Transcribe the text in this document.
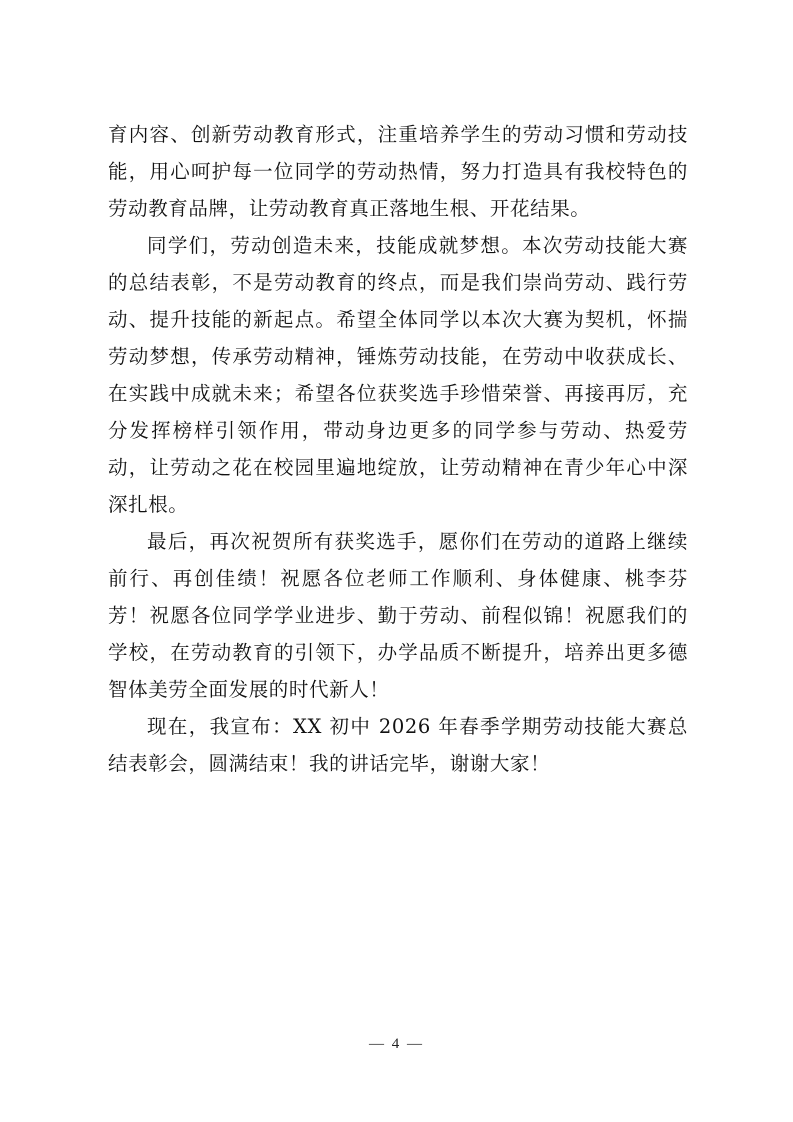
育内容、创新劳动教育形式，注重培养学生的劳动习惯和劳动技能，用心呵护每一位同学的劳动热情，努力打造具有我校特色的劳动教育品牌，让劳动教育真正落地生根、开花结果。

同学们，劳动创造未来，技能成就梦想。本次劳动技能大赛的总结表彰，不是劳动教育的终点，而是我们崇尚劳动、践行劳动、提升技能的新起点。希望全体同学以本次大赛为契机，怀揣劳动梦想，传承劳动精神，锤炼劳动技能，在劳动中收获成长、在实践中成就未来；希望各位获奖选手珍惜荣誉、再接再厉，充分发挥榜样引领作用，带动身边更多的同学参与劳动、热爱劳动，让劳动之花在校园里遍地绽放，让劳动精神在青少年心中深深扎根。

最后，再次祝贺所有获奖选手，愿你们在劳动的道路上继续前行、再创佳绩！祝愿各位老师工作顺利、身体健康、桃李芬芳！祝愿各位同学学业进步、勤于劳动、前程似锦！祝愿我们的学校，在劳动教育的引领下，办学品质不断提升，培养出更多德智体美劳全面发展的时代新人！

现在，我宣布：XX 初中 2026 年春季学期劳动技能大赛总结表彰会，圆满结束！我的讲话完毕，谢谢大家！

— 4 —
